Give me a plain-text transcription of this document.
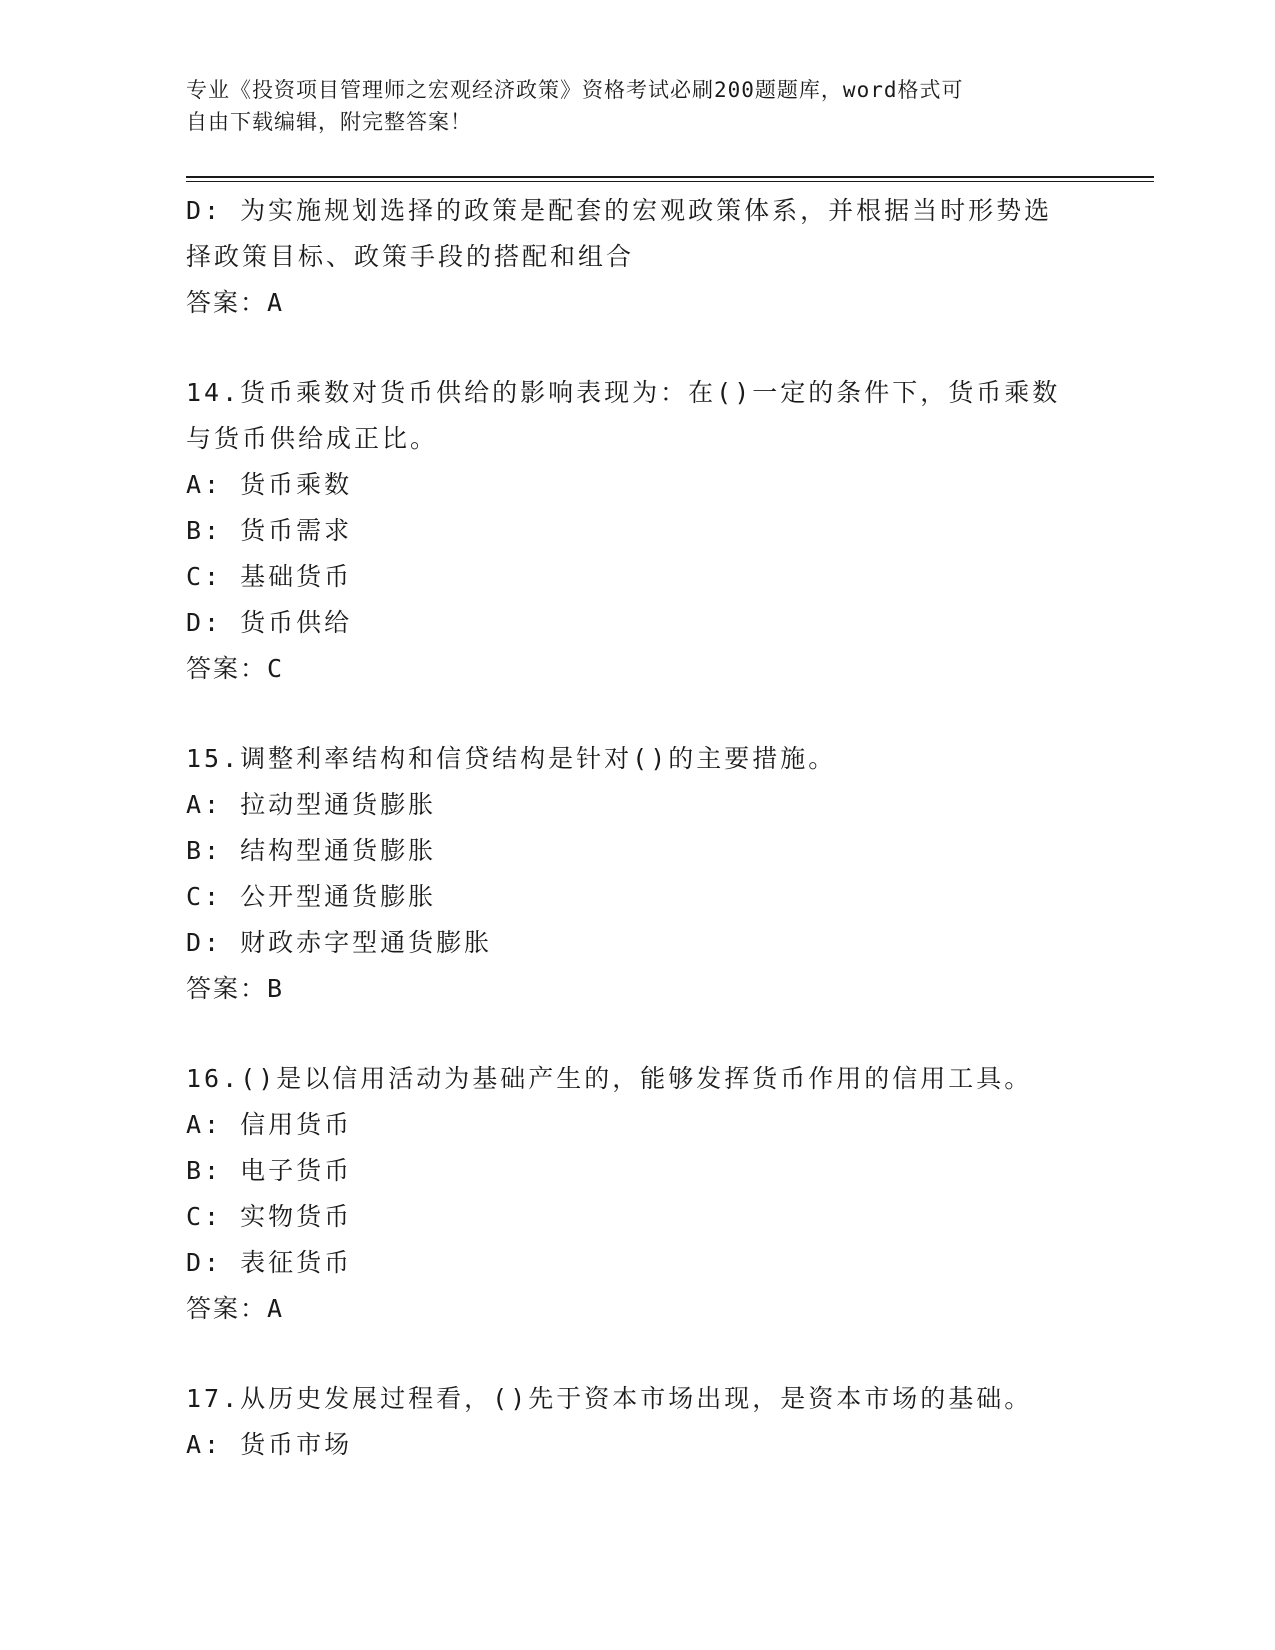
专业《投资项目管理师之宏观经济政策》资格考试必刷200题题库，word格式可
自由下载编辑，附完整答案！
D: 为实施规划选择的政策是配套的宏观政策体系，并根据当时形势选
择政策目标、政策手段的搭配和组合
答案：A
14.货币乘数对货币供给的影响表现为：在()一定的条件下，货币乘数
与货币供给成正比。
A: 货币乘数
B: 货币需求
C: 基础货币
D: 货币供给
答案：C
15.调整利率结构和信贷结构是针对()的主要措施。
A: 拉动型通货膨胀
B: 结构型通货膨胀
C: 公开型通货膨胀
D: 财政赤字型通货膨胀
答案：B
16.()是以信用活动为基础产生的，能够发挥货币作用的信用工具。
A: 信用货币
B: 电子货币
C: 实物货币
D: 表征货币
答案：A
17.从历史发展过程看，()先于资本市场出现，是资本市场的基础。
A: 货币市场
